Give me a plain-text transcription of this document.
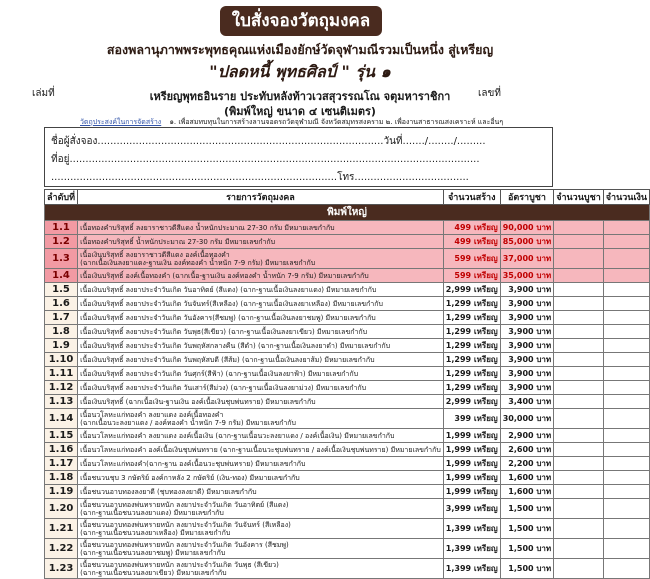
ใบสั่งจองวัตถุมงคล
สองพลานุภาพพระพุทธคุณแห่งเมืองยักษ์วัดจุฬามณีรวมเป็นหนึ่ง สู่เหรียญ
"ปลดหนี้ พุทธศิลป์ " รุ่น ๑
เล่มที่	เลขที่
เหรียญพุทธอินราย ประทับหลังท้าวเวสสุวรรณโณ จตุมหาราชิกา
(พิมพ์ใหญ่ ขนาด ๔ เซนติเมตร)
วัตถุประสงค์ในการจัดสร้าง ๑. เพื่อสมทบทุนในการสร้างลานจอดรถวัดจุฬามณี จังหวัดสมุทรสงคราม ๒. เพื่องานสาธารณสงเคราะห์ และอื่นๆ
ชื่อผู้สั่งจอง..........................................................................................วันที่......./......../.........
ที่อยู่.................................................................................................................................
..........................................................................................โทร....................................
ลำดับที่	รายการวัตถุมงคล	จำนวนสร้าง	อัตราบูชา	จำนวนบูชา	จำนวนเงิน
พิมพ์ใหญ่					
1.1	เนื้อทองคำบริสุทธิ์ ลงยาราชาวดีสีแดง น้ำหนักประมาณ 27-30 กรัม มีหมายเลขกำกับ	499 เหรียญ	90,000 บาท		
1.2	เนื้อทองคำบริสุทธิ์ น้ำหนักประมาณ 27-30 กรัม มีหมายเลขกำกับ	499 เหรียญ	85,000 บาท		
1.3	เนื้อเงินบริสุทธิ์ ลงยาราชาวดีสีแดง องค์เนื้อทองคำ
(ฉากเนื้อเงินลงยาแดง-ฐานเงิน องค์ทองคำ น้ำหนัก 7-9 กรัม) มีหมายเลขกำกับ	599 เหรียญ	37,000 บาท		
1.4	เนื้อเงินบริสุทธิ์ องค์เนื้อทองคำ (ฉากเนื้อ-ฐานเงิน องค์ทองคำ น้ำหนัก 7-9 กรัม) มีหมายเลขกำกับ	599 เหรียญ	35,000 บาท		
1.5	เนื้อเงินบริสุทธิ์ ลงยาประจำวันเกิด วันอาทิตย์ (สีแดง) (ฉาก-ฐานเนื้อเงินลงยาแดง) มีหมายเลขกำกับ	2,999 เหรียญ	3,900 บาท		
1.6	เนื้อเงินบริสุทธิ์ ลงยาประจำวันเกิด วันจันทร์(สีเหลือง) (ฉาก-ฐานเนื้อเงินลงยาเหลือง) มีหมายเลขกำกับ	1,299 เหรียญ	3,900 บาท		
1.7	เนื้อเงินบริสุทธิ์ ลงยาประจำวันเกิด วันอังคาร(สีชมพู) (ฉาก-ฐานเนื้อเงินลงยาชมพู) มีหมายเลขกำกับ	1,299 เหรียญ	3,900 บาท		
1.8	เนื้อเงินบริสุทธิ์ ลงยาประจำวันเกิด วันพุธ(สีเขียว) (ฉาก-ฐานเนื้อเงินลงยาเขียว) มีหมายเลขกำกับ	1,299 เหรียญ	3,900 บาท		
1.9	เนื้อเงินบริสุทธิ์ ลงยาประจำวันเกิด วันพฤหัสกลางคืน (สีดำ) (ฉาก-ฐานเนื้อเงินลงยาดำ) มีหมายเลขกำกับ	1,299 เหรียญ	3,900 บาท		
1.10	เนื้อเงินบริสุทธิ์ ลงยาประจำวันเกิด วันพฤหัสบดี (สีส้ม) (ฉาก-ฐานเนื้อเงินลงยาส้ม) มีหมายเลขกำกับ	1,299 เหรียญ	3,900 บาท		
1.11	เนื้อเงินบริสุทธิ์ ลงยาประจำวันเกิด วันศุกร์(สีฟ้า) (ฉาก-ฐานเนื้อเงินลงยาฟ้า) มีหมายเลขกำกับ	1,299 เหรียญ	3,900 บาท		
1.12	เนื้อเงินบริสุทธิ์ ลงยาประจำวันเกิด วันเสาร์(สีม่วง) (ฉาก-ฐานเนื้อเงินลงยาม่วง) มีหมายเลขกำกับ	1,299 เหรียญ	3,900 บาท		
1.13	เนื้อเงินบริสุทธิ์ (ฉากเนื้อเงิน-ฐานเงิน องค์เนื้อเงินชุบพ่นทราย) มีหมายเลขกำกับ	2,999 เหรียญ	3,400 บาท		
1.14	เนื้อนวโลหะแก่ทองคำ ลงยาแดง องค์เนื้อทองคำ
(ฉากเนื้อนวะลงยาแดง / องค์ทองคำ น้ำหนัก 7-9 กรัม) มีหมายเลขกำกับ	399 เหรียญ	30,000 บาท		
1.15	เนื้อนวโลหะแก่ทองคำ ลงยาแดง องค์เนื้อเงิน (ฉาก-ฐานเนื้อนวะลงยาแดง / องค์เนื้อเงิน) มีหมายเลขกำกับ	1,999 เหรียญ	2,900 บาท		
1.16	เนื้อนวโลหะแก่ทองคำ องค์เนื้อเงินชุบพ่นทราย (ฉาก-ฐานเนื้อนวะชุบพ่นทราย / องค์เนื้อเงินชุบพ่นทราย) มีหมายเลขกำกับ	1,999 เหรียญ	2,600 บาท		
1.17	เนื้อนวโลหะแก่ทองคำ(ฉาก-ฐาน องค์เนื้อนวะชุบพ่นทราย) มีหมายเลขกำกับ	1,999 เหรียญ	2,200 บาท		
1.18	เนื้อชนวนชุบ 3 กษัตริย์ องค์กาหลัง 2 กษัตริย์ (เงิน-ทอง) มีหมายเลขกำกับ	1,999 เหรียญ	1,600 บาท		
1.19	เนื้อชนวนอาบทองลงยาดี (ชุบทองลงยาดี) มีหมายเลขกำกับ	1,999 เหรียญ	1,600 บาท		
1.20	เนื้อชนวนอาบทองพ่นทรายหนัก ลงยาประจำวันเกิด วันอาทิตย์ (สีแดง)
(ฉาก-ฐานเนื้อชนวนลงยาแดง) มีหมายเลขกำกับ	3,999 เหรียญ	1,500 บาท		
1.21	เนื้อชนวนอาบทองพ่นทรายหนัก ลงยาประจำวันเกิด วันจันทร์ (สีเหลือง)
(ฉาก-ฐานเนื้อชนวนลงยาเหลือง) มีหมายเลขกำกับ	1,399 เหรียญ	1,500 บาท		
1.22	เนื้อชนวนอาบทองพ่นทรายหนัก ลงยาประจำวันเกิด วันอังคาร (สีชมพู)
(ฉาก-ฐานเนื้อชนวนลงยาชมพู) มีหมายเลขกำกับ	1,399 เหรียญ	1,500 บาท		
1.23	เนื้อชนวนอาบทองพ่นทรายหนัก ลงยาประจำวันเกิด วันพุธ (สีเขียว)
(ฉาก-ฐานเนื้อชนวนลงยาเขียว) มีหมายเลขกำกับ	1,399 เหรียญ	1,500 บาท		
